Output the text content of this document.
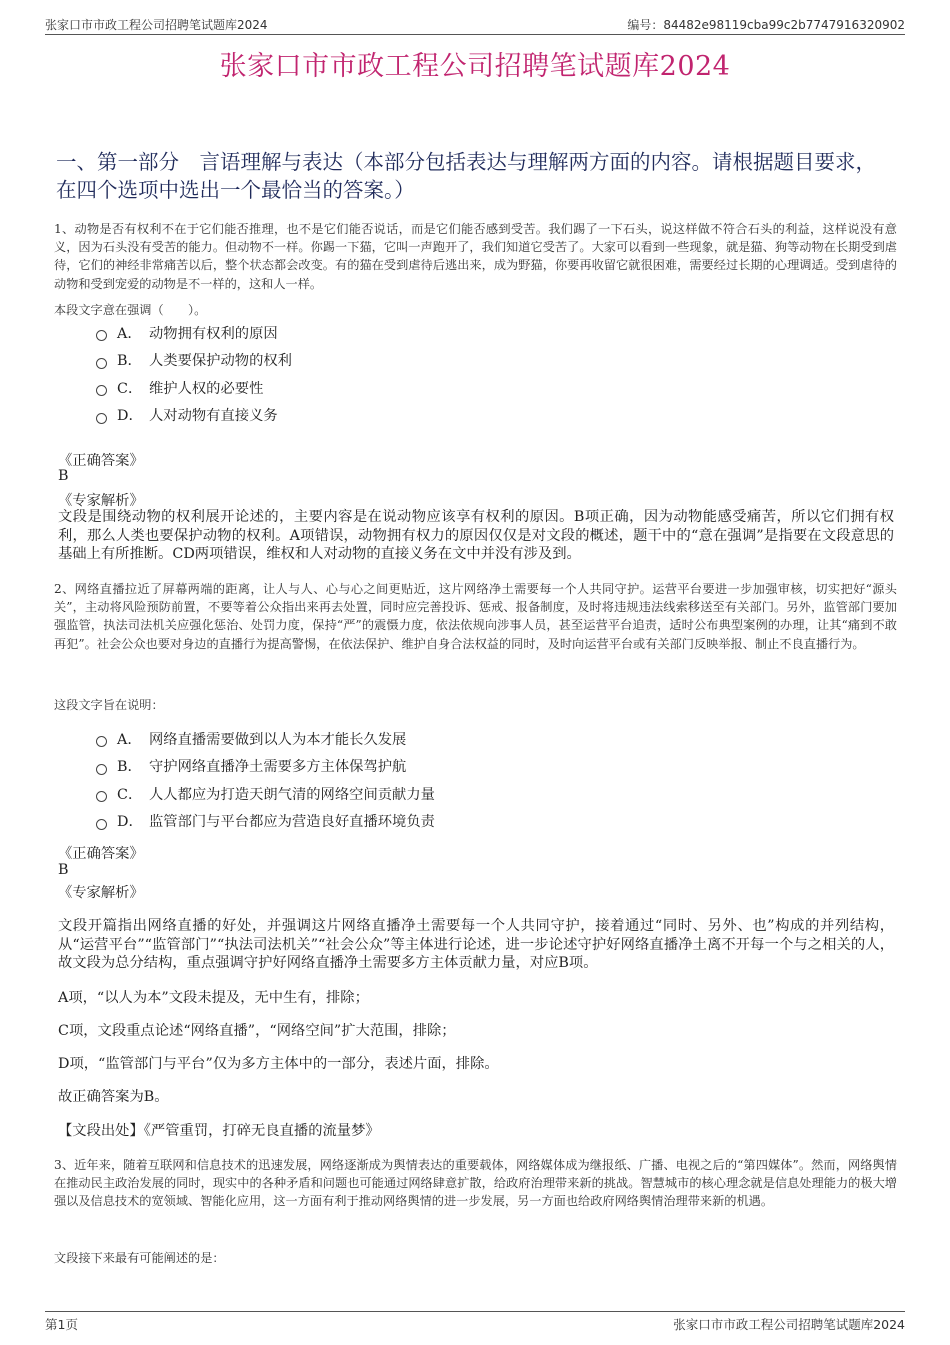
张家口市市政工程公司招聘笔试题库2024	编号：84482e98119cba99c2b7747916320902
张家口市市政工程公司招聘笔试题库2024
一、第一部分　言语理解与表达（本部分包括表达与理解两方面的内容。请根据题目要求，在四个选项中选出一个最恰当的答案。）
1、动物是否有权利不在于它们能否推理，也不是它们能否说话，而是它们能否感到受苦。我们踢了一下石头，说这样做不符合石头的利益，这样说没有意义，因为石头没有受苦的能力。但动物不一样。你踢一下猫，它叫一声跑开了，我们知道它受苦了。大家可以看到一些现象，就是猫、狗等动物在长期受到虐待，它们的神经非常痛苦以后，整个状态都会改变。有的猫在受到虐待后逃出来，成为野猫，你要再收留它就很困难，需要经过长期的心理调适。受到虐待的动物和受到宠爱的动物是不一样的，这和人一样。
本段文字意在强调（　　）。
A． 动物拥有权利的原因
B． 人类要保护动物的权利
C． 维护人权的必要性
D． 人对动物有直接义务
《正确答案》
B
《专家解析》
文段是围绕动物的权利展开论述的，主要内容是在说动物应该享有权利的原因。B项正确，因为动物能感受痛苦，所以它们拥有权利，那么人类也要保护动物的权利。A项错误，动物拥有权力的原因仅仅是对文段的概述，题干中的“意在强调”是指要在文段意思的基础上有所推断。CD两项错误，维权和人对动物的直接义务在文中并没有涉及到。
2、网络直播拉近了屏幕两端的距离，让人与人、心与心之间更贴近，这片网络净土需要每一个人共同守护。运营平台要进一步加强审核，切实把好“源头关”，主动将风险预防前置，不要等着公众指出来再去处置，同时应完善投诉、惩戒、报备制度，及时将违规违法线索移送至有关部门。另外，监管部门要加强监管，执法司法机关应强化惩治、处罚力度，保持“严”的震慑力度，依法依规向涉事人员，甚至运营平台追责，适时公布典型案例的办理，让其“痛到不敢再犯”。社会公众也要对身边的直播行为提高警惕，在依法保护、维护自身合法权益的同时，及时向运营平台或有关部门反映举报、制止不良直播行为。
这段文字旨在说明：
A． 网络直播需要做到以人为本才能长久发展
B． 守护网络直播净土需要多方主体保驾护航
C． 人人都应为打造天朗气清的网络空间贡献力量
D． 监管部门与平台都应为营造良好直播环境负责
《正确答案》
B
《专家解析》
文段开篇指出网络直播的好处，并强调这片网络直播净土需要每一个人共同守护，接着通过“同时、另外、也”构成的并列结构，从“运营平台”“监管部门”“执法司法机关”“社会公众”等主体进行论述，进一步论述守护好网络直播净土离不开每一个与之相关的人，故文段为总分结构，重点强调守护好网络直播净土需要多方主体贡献力量，对应B项。
A项，“以人为本”文段未提及，无中生有，排除；
C项，文段重点论述“网络直播”，“网络空间”扩大范围，排除；
D项，“监管部门与平台”仅为多方主体中的一部分，表述片面，排除。
故正确答案为B。
【文段出处】《严管重罚，打碎无良直播的流量梦》
3、近年来，随着互联网和信息技术的迅速发展，网络逐渐成为舆情表达的重要载体，网络媒体成为继报纸、广播、电视之后的“第四媒体”。然而，网络舆情在推动民主政治发展的同时，现实中的各种矛盾和问题也可能通过网络肆意扩散，给政府治理带来新的挑战。智慧城市的核心理念就是信息处理能力的极大增强以及信息技术的宽领域、智能化应用，这一方面有利于推动网络舆情的进一步发展，另一方面也给政府网络舆情治理带来新的机遇。
文段接下来最有可能阐述的是：
第1页	张家口市市政工程公司招聘笔试题库2024
